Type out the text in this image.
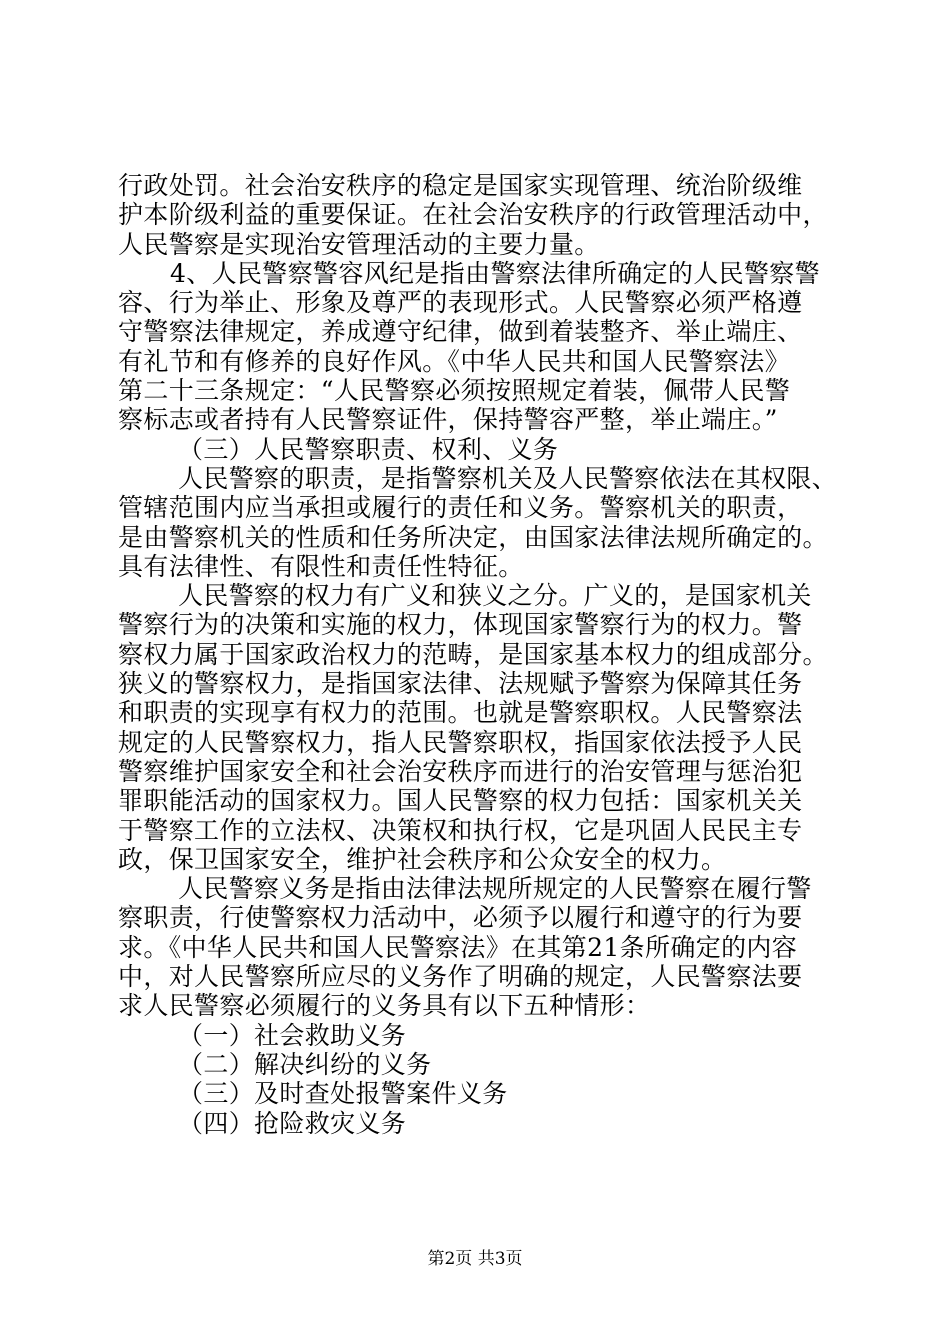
行政处罚。社会治安秩序的稳定是国家实现管理、统治阶级维
护本阶级利益的重要保证。在社会治安秩序的行政管理活动中，
人民警察是实现治安管理活动的主要力量。
4、人民警察警容风纪是指由警察法律所确定的人民警察警
容、行为举止、形象及尊严的表现形式。人民警察必须严格遵
守警察法律规定，养成遵守纪律，做到着装整齐、举止端庄、
有礼节和有修养的良好作风。《中华人民共和国人民警察法》
第二十三条规定：“人民警察必须按照规定着装，佩带人民警
察标志或者持有人民警察证件，保持警容严整，举止端庄。”
（三）人民警察职责、权利、义务
人民警察的职责，是指警察机关及人民警察依法在其权限、
管辖范围内应当承担或履行的责任和义务。警察机关的职责，
是由警察机关的性质和任务所决定，由国家法律法规所确定的。
具有法律性、有限性和责任性特征。
人民警察的权力有广义和狭义之分。广义的，是国家机关
警察行为的决策和实施的权力，体现国家警察行为的权力。警
察权力属于国家政治权力的范畴，是国家基本权力的组成部分。
狭义的警察权力，是指国家法律、法规赋予警察为保障其任务
和职责的实现享有权力的范围。也就是警察职权。人民警察法
规定的人民警察权力，指人民警察职权，指国家依法授予人民
警察维护国家安全和社会治安秩序而进行的治安管理与惩治犯
罪职能活动的国家权力。国人民警察的权力包括：国家机关关
于警察工作的立法权、决策权和执行权，它是巩固人民民主专
政，保卫国家安全，维护社会秩序和公众安全的权力。
人民警察义务是指由法律法规所规定的人民警察在履行警
察职责，行使警察权力活动中，必须予以履行和遵守的行为要
求。《中华人民共和国人民警察法》在其第21条所确定的内容
中，对人民警察所应尽的义务作了明确的规定，人民警察法要
求人民警察必须履行的义务具有以下五种情形：
（一）社会救助义务
（二）解决纠纷的义务
（三）及时查处报警案件义务
（四）抢险救灾义务
第2页 共3页
